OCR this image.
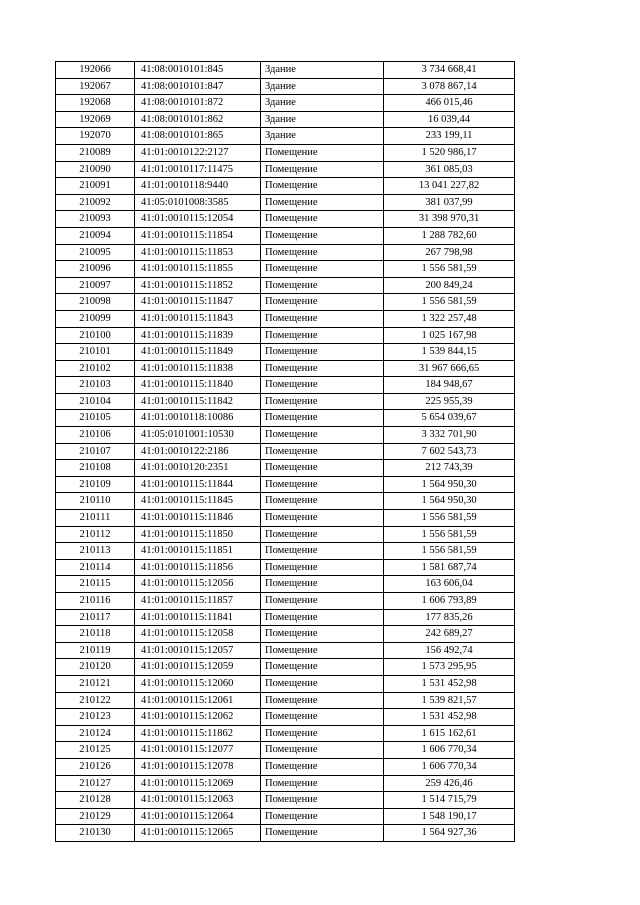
192066	41:08:0010101:845	Здание	3 734 668,41
192067	41:08:0010101:847	Здание	3 078 867,14
192068	41:08:0010101:872	Здание	466 015,46
192069	41:08:0010101:862	Здание	16 039,44
192070	41:08:0010101:865	Здание	233 199,11
210089	41:01:0010122:2127	Помещение	1 520 986,17
210090	41:01:0010117:11475	Помещение	361 085,03
210091	41:01:0010118:9440	Помещение	13 041 227,82
210092	41:05:0101008:3585	Помещение	381 037,99
210093	41:01:0010115:12054	Помещение	31 398 970,31
210094	41:01:0010115:11854	Помещение	1 288 782,60
210095	41:01:0010115:11853	Помещение	267 798,98
210096	41:01:0010115:11855	Помещение	1 556 581,59
210097	41:01:0010115:11852	Помещение	200 849,24
210098	41:01:0010115:11847	Помещение	1 556 581,59
210099	41:01:0010115:11843	Помещение	1 322 257,48
210100	41:01:0010115:11839	Помещение	1 025 167,98
210101	41:01:0010115:11849	Помещение	1 539 844,15
210102	41:01:0010115:11838	Помещение	31 967 666,65
210103	41:01:0010115:11840	Помещение	184 948,67
210104	41:01:0010115:11842	Помещение	225 955,39
210105	41:01:0010118:10086	Помещение	5 654 039,67
210106	41:05:0101001:10530	Помещение	3 332 701,90
210107	41:01:0010122:2186	Помещение	7 602 543,73
210108	41:01:0010120:2351	Помещение	212 743,39
210109	41:01:0010115:11844	Помещение	1 564 950,30
210110	41:01:0010115:11845	Помещение	1 564 950,30
210111	41:01:0010115:11846	Помещение	1 556 581,59
210112	41:01:0010115:11850	Помещение	1 556 581,59
210113	41:01:0010115:11851	Помещение	1 556 581,59
210114	41:01:0010115:11856	Помещение	1 581 687,74
210115	41:01:0010115:12056	Помещение	163 606,04
210116	41:01:0010115:11857	Помещение	1 606 793,89
210117	41:01:0010115:11841	Помещение	177 835,26
210118	41:01:0010115:12058	Помещение	242 689,27
210119	41:01:0010115:12057	Помещение	156 492,74
210120	41:01:0010115:12059	Помещение	1 573 295,95
210121	41:01:0010115:12060	Помещение	1 531 452,98
210122	41:01:0010115:12061	Помещение	1 539 821,57
210123	41:01:0010115:12062	Помещение	1 531 452,98
210124	41:01:0010115:11862	Помещение	1 615 162,61
210125	41:01:0010115:12077	Помещение	1 606 770,34
210126	41:01:0010115:12078	Помещение	1 606 770,34
210127	41:01:0010115:12069	Помещение	259 426,46
210128	41:01:0010115:12063	Помещение	1 514 715,79
210129	41:01:0010115:12064	Помещение	1 548 190,17
210130	41:01:0010115:12065	Помещение	1 564 927,36
